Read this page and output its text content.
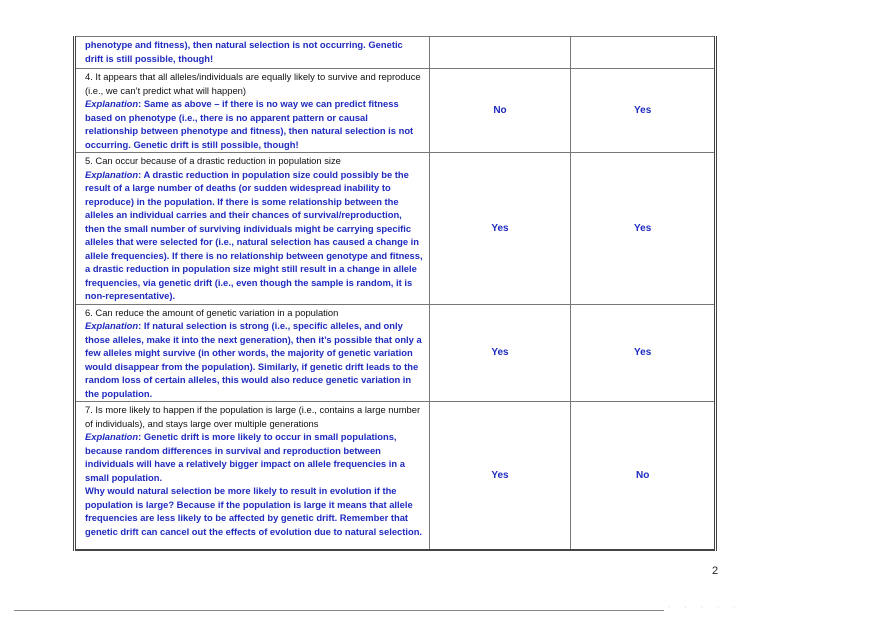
phenotype and fitness), then natural selection is not occurring. Genetic drift is still possible, though!		
4. It appears that all alleles/individuals are equally likely to survive and reproduce (i.e., we can’t predict what will happen)
Explanation: Same as above – if there is no way we can predict fitness based on phenotype (i.e., there is no apparent pattern or causal relationship between phenotype and fitness), then natural selection is not occurring. Genetic drift is still possible, though!	No	Yes
5. Can occur because of a drastic reduction in population size
Explanation: A drastic reduction in population size could possibly be the result of a large number of deaths (or sudden widespread inability to reproduce) in the population. If there is some relationship between the alleles an individual carries and their chances of survival/reproduction, then the small number of surviving individuals might be carrying specific alleles that were selected for (i.e., natural selection has caused a change in allele frequencies). If there is no relationship between genotype and fitness, a drastic reduction in population size might still result in a change in allele frequencies, via genetic drift (i.e., even though the sample is random, it is non-representative).	Yes	Yes
6. Can reduce the amount of genetic variation in a population
Explanation: If natural selection is strong (i.e., specific alleles, and only those alleles, make it into the next generation), then it’s possible that only a few alleles might survive (in other words, the majority of genetic variation would disappear from the population). Similarly, if genetic drift leads to the random loss of certain alleles, this would also reduce genetic variation in the population.	Yes	Yes
7. Is more likely to happen if the population is large (i.e., contains a large number of individuals), and stays large over multiple generations
Explanation: Genetic drift is more likely to occur in small populations, because random differences in survival and reproduction between individuals will have a relatively bigger impact on allele frequencies in a small population.
Why would natural selection be more likely to result in evolution if the population is large? Because if the population is large it means that allele frequencies are less likely to be affected by genetic drift. Remember that genetic drift can cancel out the effects of evolution due to natural selection.	Yes	No
2
· · · · ·
